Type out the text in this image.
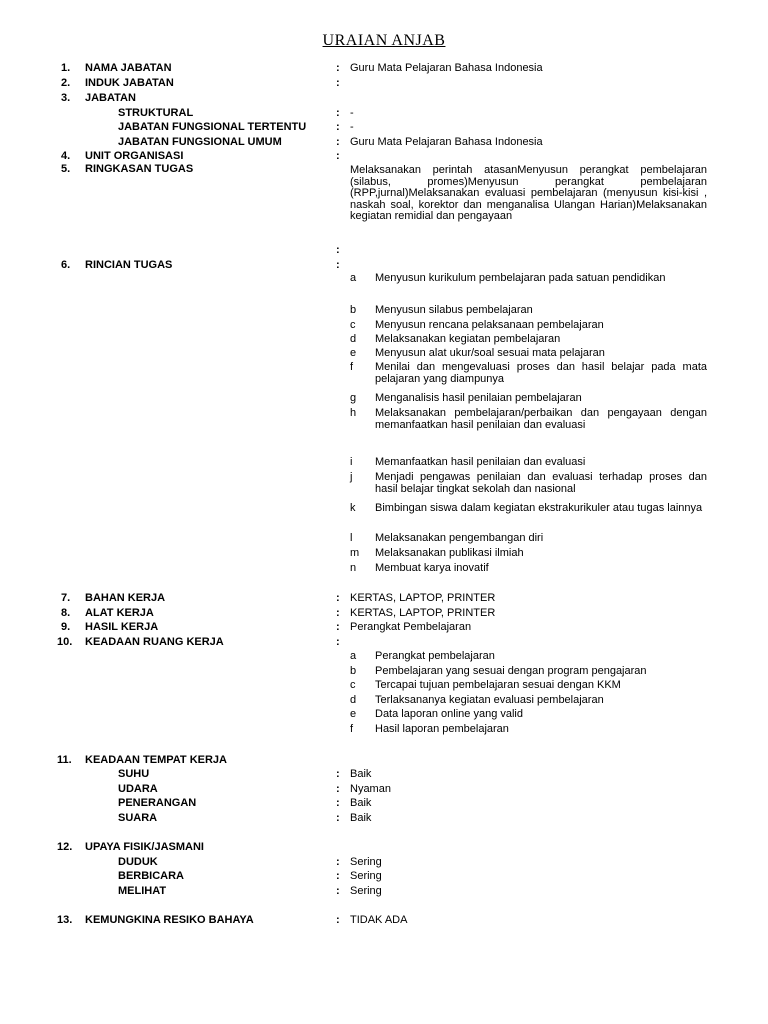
URAIAN ANJAB
1. NAMA JABATAN	: Guru Mata Pelajaran Bahasa Indonesia
2. INDUK JABATAN	:
3. JABATAN
STRUKTURAL	: -
JABATAN FUNGSIONAL TERTENTU	: -
JABATAN FUNGSIONAL UMUM	: Guru Mata Pelajaran Bahasa Indonesia
4. UNIT ORGANISASI	:
5. RINGKASAN TUGAS	Melaksanakan perintah atasanMenyusun perangkat pembelajaran (silabus, promes)Menyusun perangkat pembelajaran (RPP,jurnal)Melaksanakan evaluasi pembelajaran (menyusun kisi-kisi , naskah soal, korektor dan menganalisa Ulangan Harian)Melaksanakan kegiatan remidial dan pengayaan
:
6. RINCIAN TUGAS	:
a Menyusun kurikulum pembelajaran pada satuan pendidikan
b Menyusun silabus pembelajaran
c Menyusun rencana pelaksanaan pembelajaran
d Melaksanakan kegiatan pembelajaran
e Menyusun alat ukur/soal sesuai mata pelajaran
f Menilai dan mengevaluasi proses dan hasil belajar pada mata pelajaran yang diampunya
g Menganalisis hasil penilaian pembelajaran
h Melaksanakan pembelajaran/perbaikan dan pengayaan dengan memanfaatkan hasil penilaian dan evaluasi
i Memanfaatkan hasil penilaian dan evaluasi
j Menjadi pengawas penilaian dan evaluasi terhadap proses dan hasil belajar tingkat sekolah dan nasional
k Bimbingan siswa dalam kegiatan ekstrakurikuler atau tugas lainnya
l Melaksanakan pengembangan diri
m Melaksanakan publikasi ilmiah
n Membuat karya inovatif
7. BAHAN KERJA	: KERTAS, LAPTOP, PRINTER
8. ALAT KERJA	: KERTAS, LAPTOP, PRINTER
9. HASIL KERJA	: Perangkat Pembelajaran
10. KEADAAN RUANG KERJA	:
a Perangkat pembelajaran
b Pembelajaran yang sesuai dengan program pengajaran
c Tercapai tujuan pembelajaran sesuai dengan KKM
d Terlaksananya kegiatan evaluasi pembelajaran
e Data laporan online yang valid
f Hasil laporan pembelajaran
11. KEADAAN TEMPAT KERJA
SUHU	: Baik
UDARA	: Nyaman
PENERANGAN	: Baik
SUARA	: Baik
12. UPAYA FISIK/JASMANI
DUDUK	: Sering
BERBICARA	: Sering
MELIHAT	: Sering
13. KEMUNGKINA RESIKO BAHAYA	: TIDAK ADA
